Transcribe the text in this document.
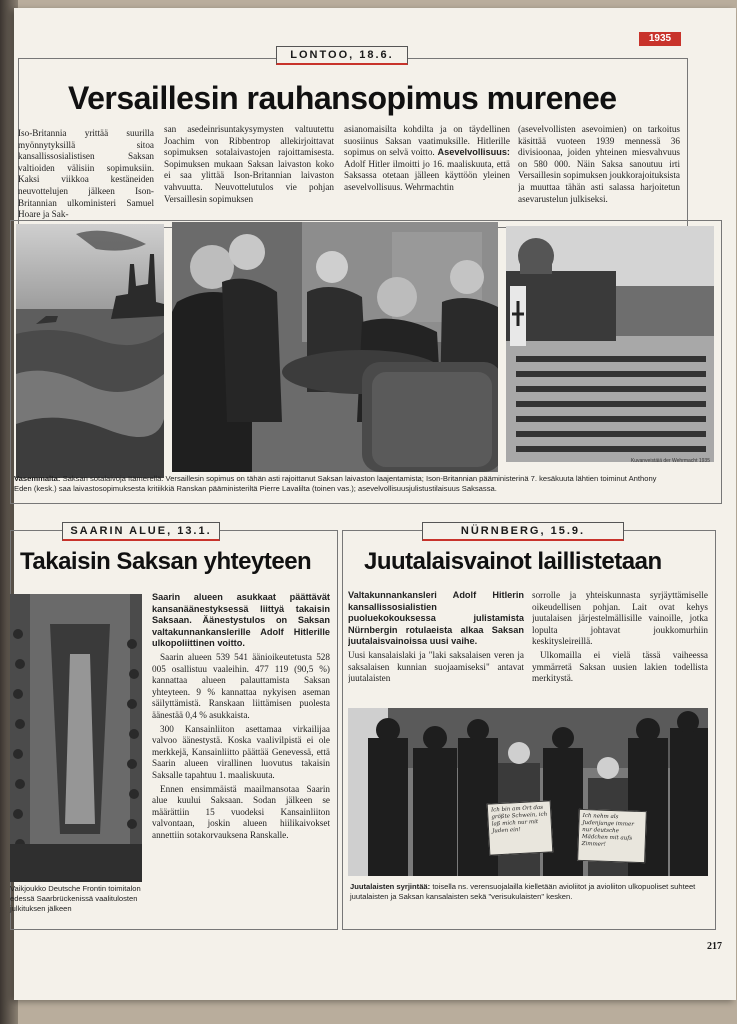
1935
LONTOO, 18.6.
Versaillesin rauhansopimus murenee
Iso-Britannia yrittää suurilla myönnytyksillä sitoa kansallissosialistisen Saksan valtioiden välisiin sopimuksiin. Kaksi viikkoa kestäneiden neuvottelujen jälkeen Ison-Britannian ulkoministeri Samuel Hoare ja Sak-
san asedeinrisuntakysymysten valtuutettu Joachim von Ribbentrop allekirjoittavat sopimuksen sotalaivastojen rajoittamisesta. Sopimuksen mukaan Saksan laivaston koko ei saa ylittää Ison-Britannian laivaston vahvuutta. Neuvottelutulos vie pohjan Versaillesin sopimuksen
asianomaisilta kohdilta ja on täydellinen suosiinus Saksan vaatimuksille. Hitlerille sopimus on selvä voitto. Asevelvollisuus: Adolf Hitler ilmoitti jo 16. maaliskuuta, että Saksassa otetaan jälleen käyttöön yleinen asevelvollisuus. Wehrmachtin
(asevelvollisten asevoimien) on tarkoitus käsittää vuoteen 1939 mennessä 36 divisioonaa, joiden yhteinen miesvahvuus on 580 000. Näin Saksa sanoutuu irti Versaillesin sopimuksen joukkorajoituksista ja muuttaa tähän asti salassa harjoitetun asevarustelun julkiseksi.
Kuvanveistäjä der Wehrmacht 1935
Vasemmalta: Saksan sotalaivoja Itämerellä. Versaillesin sopimus on tähän asti rajoittanut Saksan laivaston laajentamista; Ison-Britannian pääministerinä 7. kesäkuuta lähtien toiminut Anthony Eden (kesk.) saa laivastosopimuksesta kritiikkiä Ranskan pääministeriltä Pierre Lavalilta (toinen vas.); asevelvollisuusjulistustilaisuus Saksassa.
SAARIN ALUE, 13.1.
Takaisin Saksan yhteyteen
Vaikjoukko Deutsche Frontin toimitalon edessä Saarbrückenissä vaalitulosten julkituksen jälkeen

Saarin alueen asukkaat päättävät kansanäänestyksessä liittyä takaisin Saksaan. Äänestystulos on Saksan valtakunnankanslerille Adolf Hitlerille ulkopoliittinen voitto.

Saarin alueen 539 541 äänioikeutetusta 528 005 osallistuu vaaleihin. 477 119 (90,5 %) kannattaa alueen palauttamista Saksan yhteyteen. 9 % kannattaa nykyisen aseman säilyttämistä. Ranskaan liittämisen puolesta äänestää 0,4 % asukkaista.

300 Kansainliiton asettamaa virkailijaa valvoo äänestystä. Koska vaalivilpistä ei ole merkkejä, Kansainliitto päättää Genevessä, että Saarin alueen virallinen luovutus takaisin Saksalle tapahtuu 1. maaliskuuta.

Ennen ensimmäistä maailmansotaa Saarin alue kuului Saksaan. Sodan jälkeen se määrättiin 15 vuodeksi Kansainliiton valvontaan, joskin alueen hiilikaivokset annettiin sotakorvauksena Ranskalle.

NÜRNBERG, 15.9.
Juutalaisvainot laillistetaan

Valtakunnankansleri Adolf Hitlerin kansallissosialistien puoluekokouksessa julistamista Nürnbergin rotulaeista alkaa Saksan juutalaisvainoissa uusi vaihe.

Uusi kansalaislaki ja "laki saksalaisen veren ja saksalaisen kunnian suojaamiseksi" antavat juutalaisten

sorrolle ja yhteiskunnasta syrjäyttämiselle oikeudellisen pohjan. Lait ovat kehys juutalaisen järjestelmällisille vainoille, jotka lopulta johtavat joukkomurhiin keskitysleireillä.

Ulkomailla ei vielä tässä vaiheessa ymmärretä Saksan uusien lakien todellista merkitystä.

Ich bin am Ort das größte Schwein, ich laß mich nur mit Juden ein!
Ich nehm als Judenjunge immer nur deutsche Mädchen mit aufs Zimmer!
Juutalaisten syrjintää: toisella ns. verensuojalailla kielletään avioliitot ja avioliiton ulkopuoliset suhteet juutalaisten ja Saksan kansalaisten sekä "verisukulaisten" kesken.
217
